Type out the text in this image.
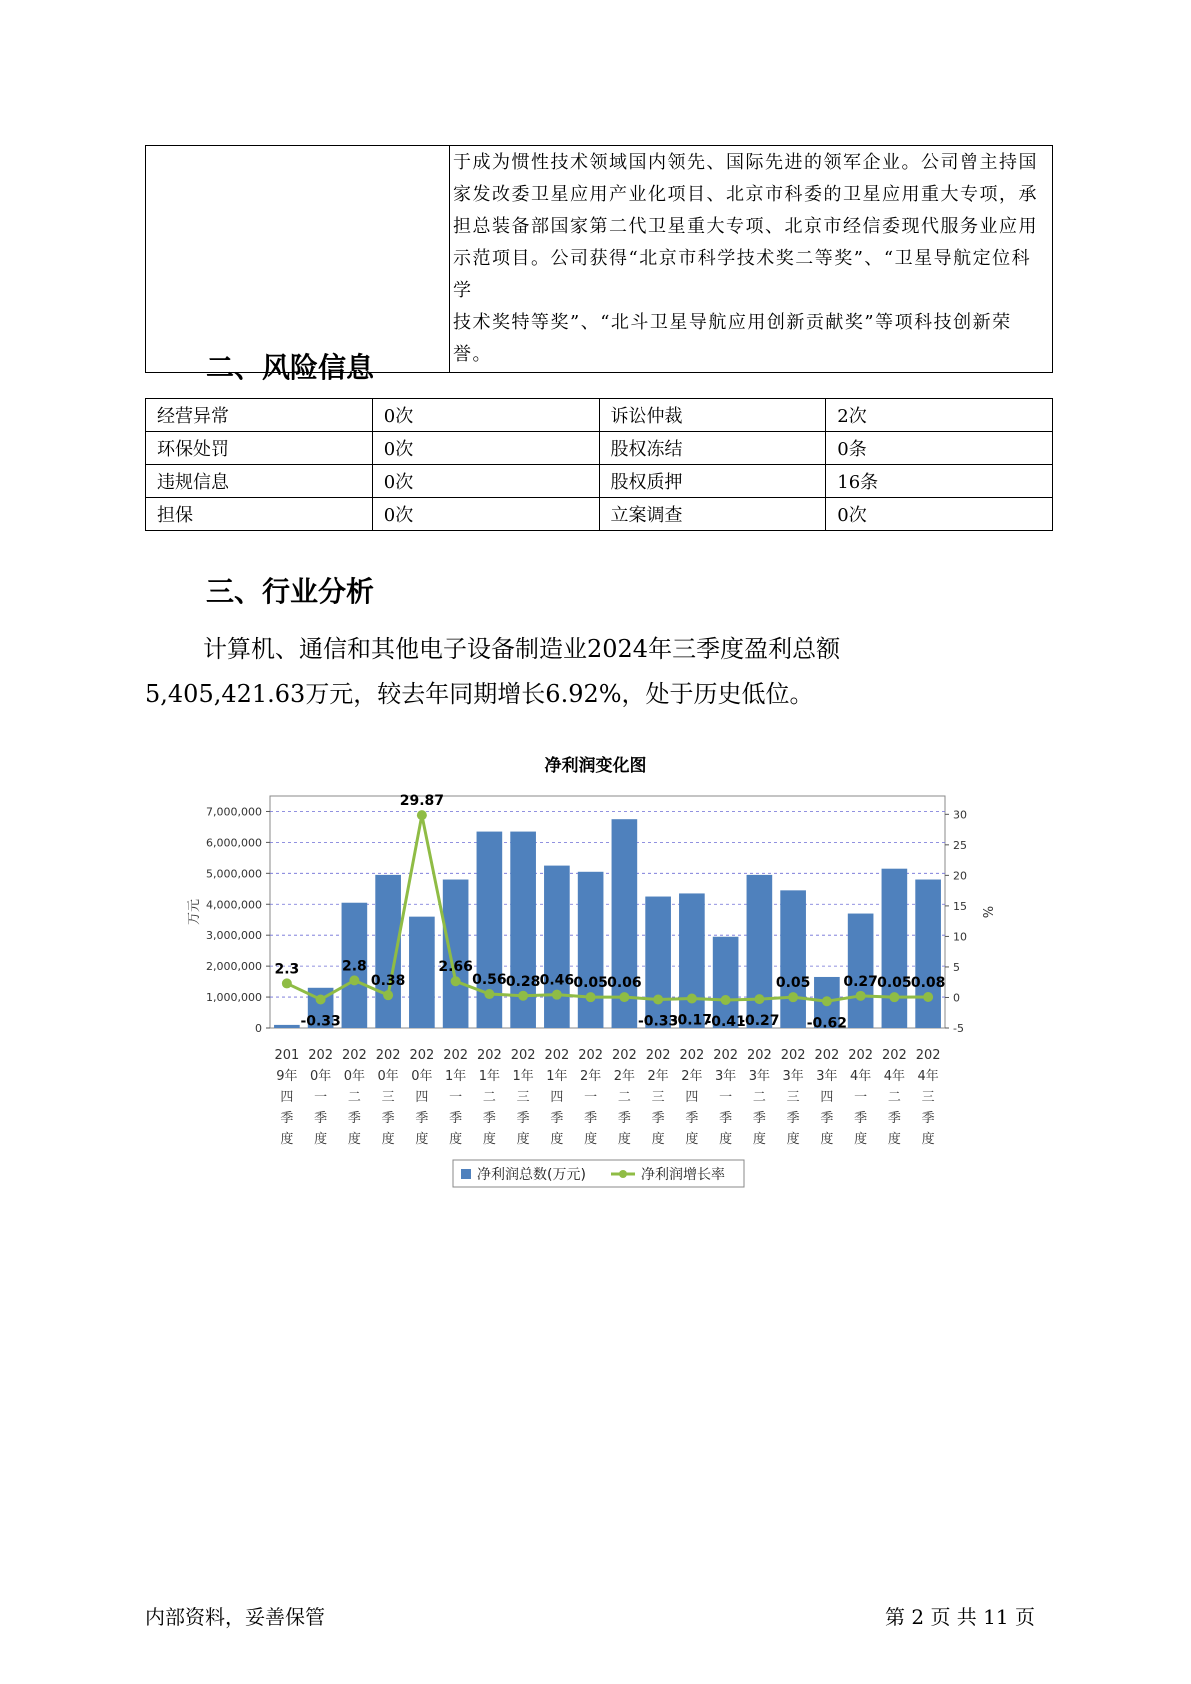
于成为惯性技术领域国内领先、国际先进的领军企业。公司曾主持国
家发改委卫星应用产业化项目、北京市科委的卫星应用重大专项，承
担总装备部国家第二代卫星重大专项、北京市经信委现代服务业应用
示范项目。公司获得“北京市科学技术奖二等奖”、“卫星导航定位科学
技术奖特等奖”、“北斗卫星导航应用创新贡献奖”等项科技创新荣誉。
二、风险信息
经营异常	0次	诉讼仲裁	2次
环保处罚	0次	股权冻结	0条
违规信息	0次	股权质押	16条
担保	0次	立案调查	0次
三、行业分析
计算机、通信和其他电子设备制造业2024年三季度盈利总额
5,405,421.63万元，较去年同期增长6.92%，处于历史低位。
净利润变化图
0
1,000,000
2,000,000
3,000,000
4,000,000
5,000,000
6,000,000
7,000,000
-5
0
5
10
15
20
25
30
万元	%
201
9年
四
季
度
202
0年
一
季
度
202
0年
二
季
度
202
0年
三
季
度
202
0年
四
季
度
202
1年
一
季
度
202
1年
二
季
度
202
1年
三
季
度
202
1年
四
季
度
202
2年
一
季
度
202
2年
二
季
度
202
2年
三
季
度
202
2年
四
季
度
202
3年
一
季
度
202
3年
二
季
度
202
3年
三
季
度
202
3年
四
季
度
202
4年
一
季
度
202
4年
二
季
度
202
4年
三
季
度
2.3
-0.33
2.8
0.38
29.87
2.66
0.56 0.28 0.46 0.05 0.06
-0.33
-0.17
-0.41
-0.27
0.05
-0.62
0.27 0.05 0.08
净利润总数(万元)	净利润增长率
内部资料，妥善保管	第 2 页 共 11 页
